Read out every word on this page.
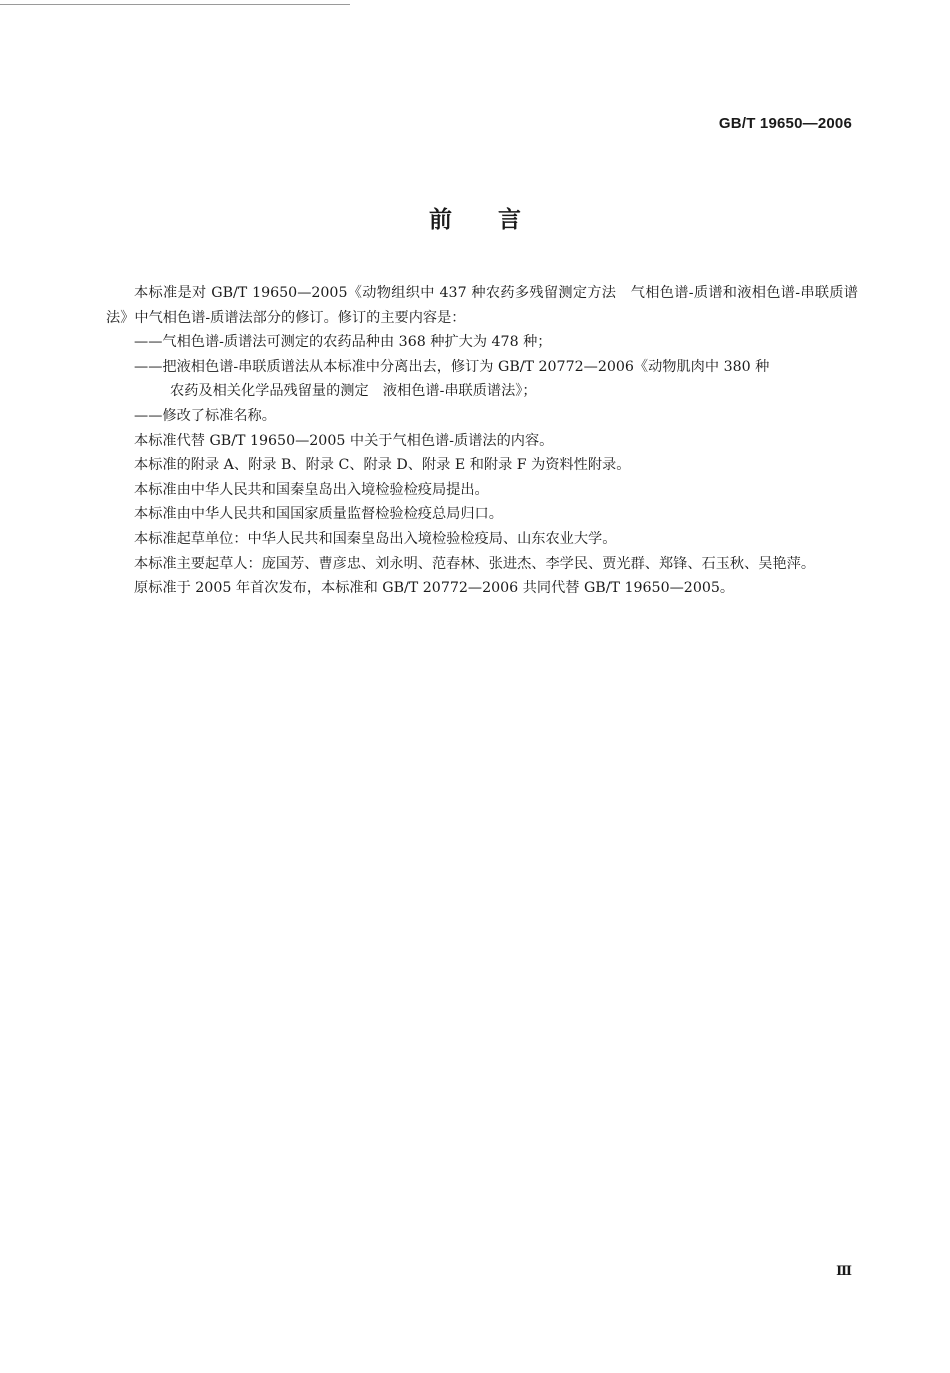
GB/T 19650—2006
前言

本标准是对 GB/T 19650—2005《动物组织中 437 种农药多残留测定方法　气相色谱-质谱和液相色谱-串联质谱法》中气相色谱-质谱法部分的修订。修订的主要内容是：

——气相色谱-质谱法可测定的农药品种由 368 种扩大为 478 种；

——把液相色谱-串联质谱法从本标准中分离出去，修订为 GB/T 20772—2006《动物肌肉中 380 种

农药及相关化学品残留量的测定　液相色谱-串联质谱法》；

——修改了标准名称。

本标准代替 GB/T 19650—2005 中关于气相色谱-质谱法的内容。

本标准的附录 A、附录 B、附录 C、附录 D、附录 E 和附录 F 为资料性附录。

本标准由中华人民共和国秦皇岛出入境检验检疫局提出。

本标准由中华人民共和国国家质量监督检验检疫总局归口。

本标准起草单位：中华人民共和国秦皇岛出入境检验检疫局、山东农业大学。

本标准主要起草人：庞国芳、曹彦忠、刘永明、范春林、张进杰、李学民、贾光群、郑锋、石玉秋、吴艳萍。

原标准于 2005 年首次发布，本标准和 GB/T 20772—2006 共同代替 GB/T 19650—2005。

Ⅲ
